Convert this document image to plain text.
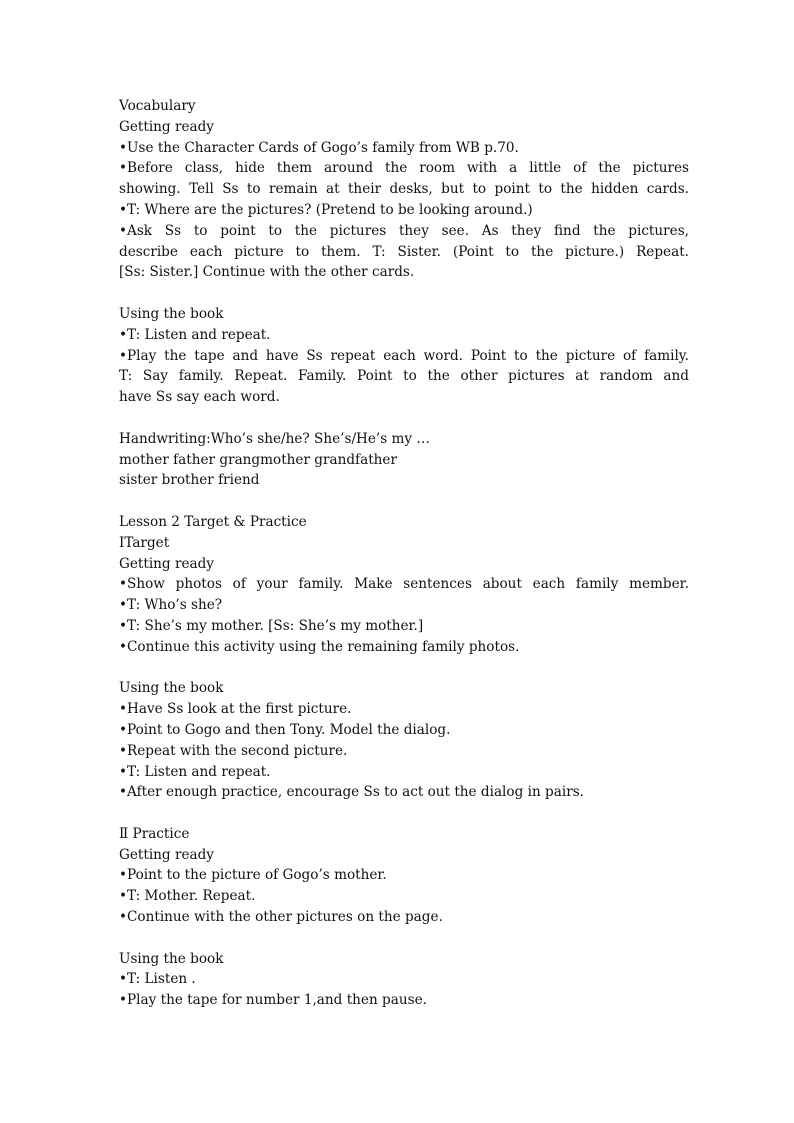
Vocabulary
Getting ready
•Use the Character Cards of Gogo’s family from WB p.70.
•Before class, hide them around the room with a little of the pictures
showing. Tell Ss to remain at their desks, but to point to the hidden cards.
•T: Where are the pictures? (Pretend to be looking around.)
•Ask Ss to point to the pictures they see. As they find the pictures,
describe each picture to them. T: Sister. (Point to the picture.) Repeat.
[Ss: Sister.] Continue with the other cards.
Using the book
•T: Listen and repeat.
•Play the tape and have Ss repeat each word. Point to the picture of family.
T: Say family. Repeat. Family. Point to the other pictures at random and
have Ss say each word.
Handwriting:Who’s she/he? She’s/He’s my …
mother father grangmother grandfather
sister brother friend
Lesson 2 Target & Practice
ⅠTarget
Getting ready
•Show photos of your family. Make sentences about each family member.
•T: Who’s she?
•T: She’s my mother. [Ss: She’s my mother.]
•Continue this activity using the remaining family photos.
Using the book
•Have Ss look at the first picture.
•Point to Gogo and then Tony. Model the dialog.
•Repeat with the second picture.
•T: Listen and repeat.
•After enough practice, encourage Ss to act out the dialog in pairs.
Ⅱ Practice
Getting ready
•Point to the picture of Gogo’s mother.
•T: Mother. Repeat.
•Continue with the other pictures on the page.
Using the book
•T: Listen .
•Play the tape for number 1,and then pause.
